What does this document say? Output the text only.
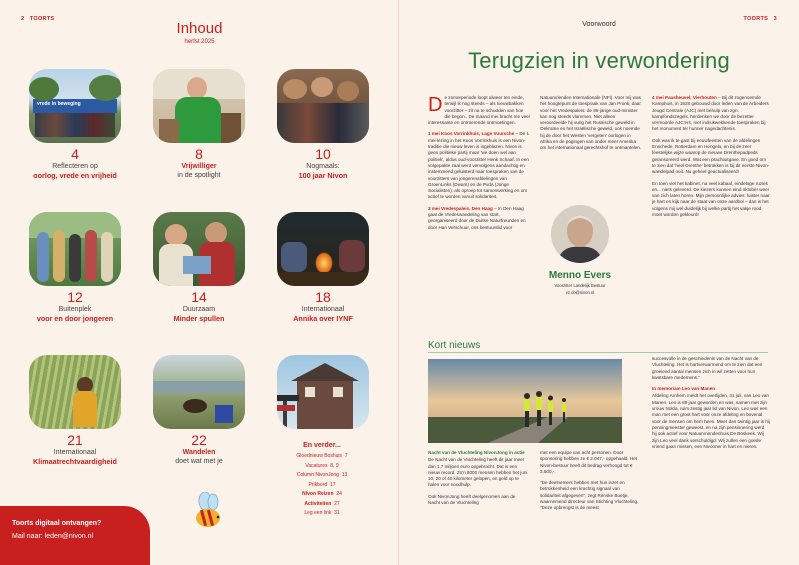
2 TOORTS
Inhoud
herfst 2025
vrede in beweging
4
Reflecteren op
oorlog, vrede en vrijheid
8
Vrijwilliger
in de spotlight
10
Nogmaals:
100 jaar Nivon
12
Buitenplek
voor en door jongeren
14
Duurzaam
Minder spullen
18
Internationaal
Annika over IYNF
21
Internationaal
Klimaatrechtvaardigheid
22
Wandelen
doet wat met je
En verder...
Gloednieuw Boshuis 7
Vacatures 8, 9
Column NivonJong 13
Prikbord 17
Nivon Reizen 24
Activiteiten 27
Leg een link 31
Toorts digitaal ontvangen?
Mail naar: leden@nivon.nl
TOORTS 3
Voorwoord
Terugzien in verwondering

De zomerperiode loopt alweer ten einde, terwijl ik nog steeds – als nieuwbakken voorzitter – zit na te schudden van hoe die begon.. De maand mei bracht me veel interessante en ontroerende ontmoetingen.

1 mei Koos Vorrinkhuis, Lage Vuursche – De 1 mei-lezing in het Koos Vorrinkhuis is een Nivon-traditie die nieuw leven is ingeblazen. Nivon is geen politieke partij maar 'we doen wel aan politiek', aldus oud-voorzitter Henk Schaaf. In een volgepakte zaal werd vervolgens aandachtig en instemmend geluisterd naar toespraken van de voorzitters van jongerenafdelingen van GroenLinks (Dwars) en de PvdA (Jonge Socialisten), als oproep tot samenwerking en om actief te worden vanuit solidariteit.

3 mei Vredespaleis, Den Haag – In Den Haag gaat de Vredeswandeling van start, georganiseerd door de Duitse Naturfreunden en door Han Verschuur, ons bestuurslid voor

Natuurvrienden Internationale (NFI). Voor mij was het hoogtepunt de toespraak van Jan Pronk, daar voor het Vredespaleis: de 85-jarige oud-minister kan nog steeds vlammen. Niet alleen veroordeelde hij vurig het Russische geweld in Oekraïne en het Israëlische geweld, ook noemde hij de door het Westen 'vergeten' oorlogen in Afrika en de pogingen van onder meer Amerika om het internationaal gerechtshof te ontmantelen.

Menno Evers
Voorzitter Landelijk Bestuur
vz.cb@nivon.nl

4 mei Paasheuvel, Vierhouten – Bij dit zogenoemde Kamphuis, in 1928 gebouwd door leden van de Arbeiders Jeugd Centrale (AJC) met behulp van zgn. kampfondszegels, herdenken we door de bezetter vermoorde AJC'ers, met indrukwekkende toespraken bij het monument ter hunner nagedachtenis.

Ook was ik te gast bij eeuwfeesten van de afdelingen Enschede, Rotterdam en Hengelo, en bij de zeer feestelijke wijze waarop de nieuwe Drenthepadpeds geïansoreerd werd. Wat een prachtuitgave. En goed om te zien dat 'heel Drenthe' betrokken is bij dit eerste Nivon-wandelpad ooit. Nu geheel geactualiseerd!

En toen viel het kabinet, na veel kabaal, eindeloge ruzies en... niets geleverd. De kiezers kunnen eind oktober weer van zich laten horen. Mijn persoonlijke advies: luister naar je hart en kijk naar de staat van onze aardbol – dan is het volgens mij wel duidelijk bij welke partij het vakje rood moet worden gekleurd!

Kort nieuws

Nacht van de Vluchteling NivonJong in actie

De Nacht van de Vluchteling heeft dit jaar meer dan 1,7 miljoen euro opgebracht. Dat is een nieuw record. Zo'n 8000 mensen hebben het juni 10, 20 of 40 kilometer gelopen, en geld op te halen voor noodhulp.

Ook NivonJong heeft deelgenomen aan de Nacht van de Vluchteling

met een equipe van acht personen. Door sponsoring hebben ze € 2.047,- opgehaald. Het Nivon-bestuur heeft dit bedrag verhoogd tot € 3.500,-.

"De deelnemers hebben met hun inzet en betrokkenheid een krachtig signaal van solidariteit afgegeven", zegt Renske Boetje, waarnemend directeur van Stichting Vluchteling. "Deze opbrengst is de meest

succesvolle in de geschiedenis van de Nacht van de Vluchteling. Het is hartverwarmend om te zien dat een groeiend aantal mensen zich in wil zetten voor hun kwetsbare medemens."

In memoriam Leo van Manen

Afdeling Arnhem meldt het overlijden, 31 juli, van Leo van Manen. Leo is 89 jaar geworden en was, samen met zijn vrouw Nolda, ruim zestig jaar lid van Nivon. Leo was een man met een groot hart voor onze afdeling en bovenal voor de mensen om hem heen. Meer dan twintig jaar is hij penningmeester geweest, en na zijn pensionering werd hij ook actief voor Natuurvriendenhuis De Boskeek. Wij zijn Leo veel dank verschuldigd. Wij zullen een goede vriend gaan missen, een Nivonner in hart en nieren.
